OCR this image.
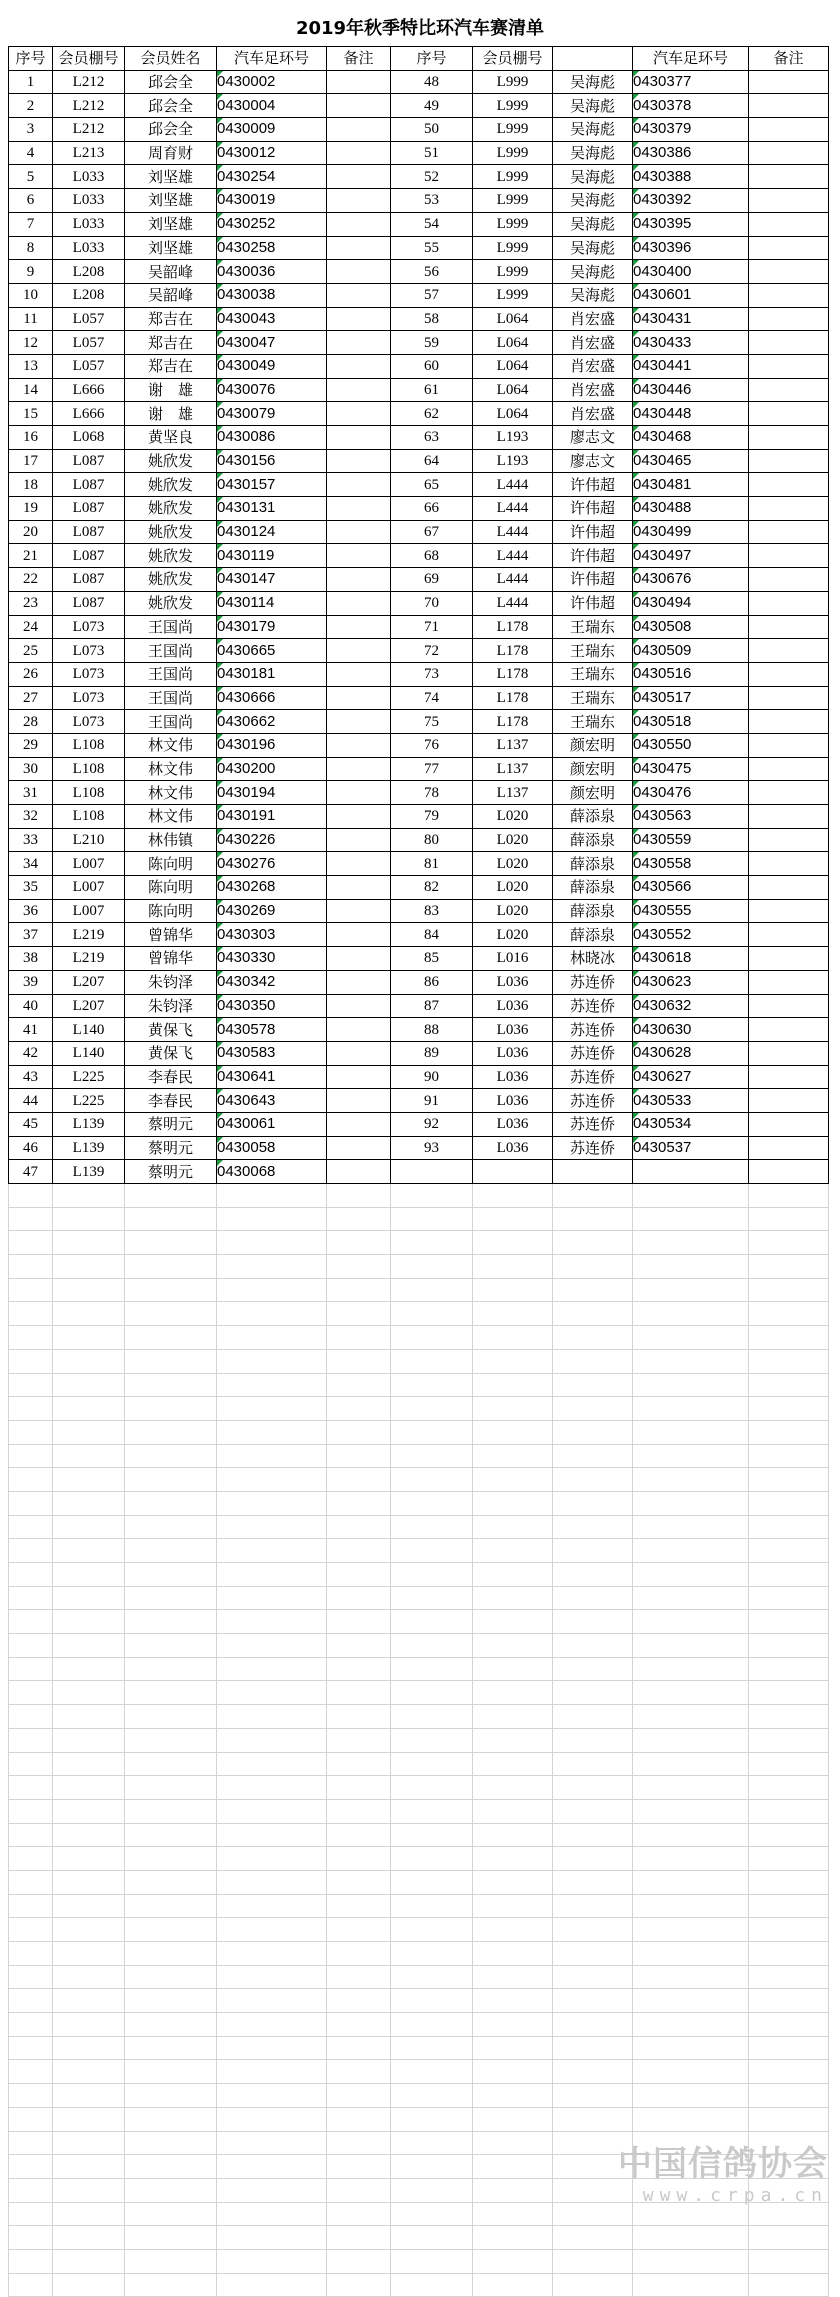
2019年秋季特比环汽车赛清单
序号	会员棚号	会员姓名	汽车足环号	备注	序号	会员棚号		汽车足环号	备注
1	L212	邱会全	0430002		48	L999	吴海彪	0430377	
2	L212	邱会全	0430004		49	L999	吴海彪	0430378	
3	L212	邱会全	0430009		50	L999	吴海彪	0430379	
4	L213	周育财	0430012		51	L999	吴海彪	0430386	
5	L033	刘坚雄	0430254		52	L999	吴海彪	0430388	
6	L033	刘坚雄	0430019		53	L999	吴海彪	0430392	
7	L033	刘坚雄	0430252		54	L999	吴海彪	0430395	
8	L033	刘坚雄	0430258		55	L999	吴海彪	0430396	
9	L208	吴韶峰	0430036		56	L999	吴海彪	0430400	
10	L208	吴韶峰	0430038		57	L999	吴海彪	0430601	
11	L057	郑吉在	0430043		58	L064	肖宏盛	0430431	
12	L057	郑吉在	0430047		59	L064	肖宏盛	0430433	
13	L057	郑吉在	0430049		60	L064	肖宏盛	0430441	
14	L666	谢　雄	0430076		61	L064	肖宏盛	0430446	
15	L666	谢　雄	0430079		62	L064	肖宏盛	0430448	
16	L068	黄坚良	0430086		63	L193	廖志文	0430468	
17	L087	姚欣发	0430156		64	L193	廖志文	0430465	
18	L087	姚欣发	0430157		65	L444	许伟超	0430481	
19	L087	姚欣发	0430131		66	L444	许伟超	0430488	
20	L087	姚欣发	0430124		67	L444	许伟超	0430499	
21	L087	姚欣发	0430119		68	L444	许伟超	0430497	
22	L087	姚欣发	0430147		69	L444	许伟超	0430676	
23	L087	姚欣发	0430114		70	L444	许伟超	0430494	
24	L073	王国尚	0430179		71	L178	王瑞东	0430508	
25	L073	王国尚	0430665		72	L178	王瑞东	0430509	
26	L073	王国尚	0430181		73	L178	王瑞东	0430516	
27	L073	王国尚	0430666		74	L178	王瑞东	0430517	
28	L073	王国尚	0430662		75	L178	王瑞东	0430518	
29	L108	林文伟	0430196		76	L137	颜宏明	0430550	
30	L108	林文伟	0430200		77	L137	颜宏明	0430475	
31	L108	林文伟	0430194		78	L137	颜宏明	0430476	
32	L108	林文伟	0430191		79	L020	薛添泉	0430563	
33	L210	林伟镇	0430226		80	L020	薛添泉	0430559	
34	L007	陈向明	0430276		81	L020	薛添泉	0430558	
35	L007	陈向明	0430268		82	L020	薛添泉	0430566	
36	L007	陈向明	0430269		83	L020	薛添泉	0430555	
37	L219	曾锦华	0430303		84	L020	薛添泉	0430552	
38	L219	曾锦华	0430330		85	L016	林晓冰	0430618	
39	L207	朱钧泽	0430342		86	L036	苏连侨	0430623	
40	L207	朱钧泽	0430350		87	L036	苏连侨	0430632	
41	L140	黄保飞	0430578		88	L036	苏连侨	0430630	
42	L140	黄保飞	0430583		89	L036	苏连侨	0430628	
43	L225	李春民	0430641		90	L036	苏连侨	0430627	
44	L225	李春民	0430643		91	L036	苏连侨	0430533	
45	L139	蔡明元	0430061		92	L036	苏连侨	0430534	
46	L139	蔡明元	0430058		93	L036	苏连侨	0430537	
47	L139	蔡明元	0430068						

中国信鸽协会
www.crpa.cn
